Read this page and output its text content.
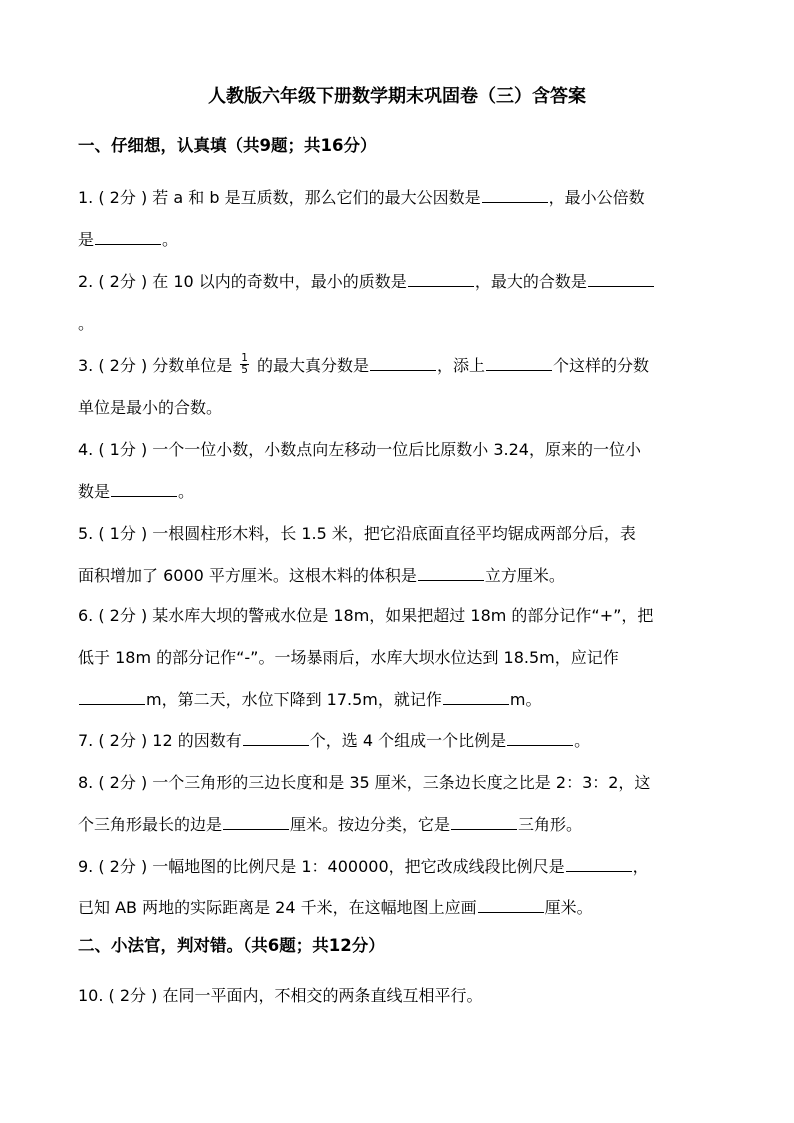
人教版六年级下册数学期末巩固卷（三）含答案
一、仔细想，认真填（共9题；共16分）
1. ( 2分 ) 若 a 和 b 是互质数，那么它们的最大公因数是	，最小公倍数
是	。
2. ( 2分 ) 在 10 以内的奇数中，最小的质数是	，最大的合数是
。
3. ( 2分 ) 分数单位是 $\frac{1}{5}$ 的最大真分数是	，添上	个这样的分数
单位是最小的合数。
4. ( 1分 ) 一个一位小数，小数点向左移动一位后比原数小 3.24，原来的一位小
数是	。
5. ( 1分 ) 一根圆柱形木料，长 1.5 米，把它沿底面直径平均锯成两部分后，表
面积增加了 6000 平方厘米。这根木料的体积是	立方厘米。
6. ( 2分 ) 某水库大坝的警戒水位是 18m，如果把超过 18m 的部分记作“+”，把
低于 18m 的部分记作“-”。一场暴雨后，水库大坝水位达到 18.5m，应记作
m，第二天，水位下降到 17.5m，就记作	m。
7. ( 2分 ) 12 的因数有	个，选 4 个组成一个比例是	。
8. ( 2分 ) 一个三角形的三边长度和是 35 厘米，三条边长度之比是 2：3：2，这
个三角形最长的边是	厘米。按边分类，它是	三角形。
9. ( 2分 ) 一幅地图的比例尺是 1：400000，把它改成线段比例尺是	，
已知 AB 两地的实际距离是 24 千米，在这幅地图上应画	厘米。
二、小法官，判对错。（共6题；共12分）
10. ( 2分 ) 在同一平面内，不相交的两条直线互相平行。
